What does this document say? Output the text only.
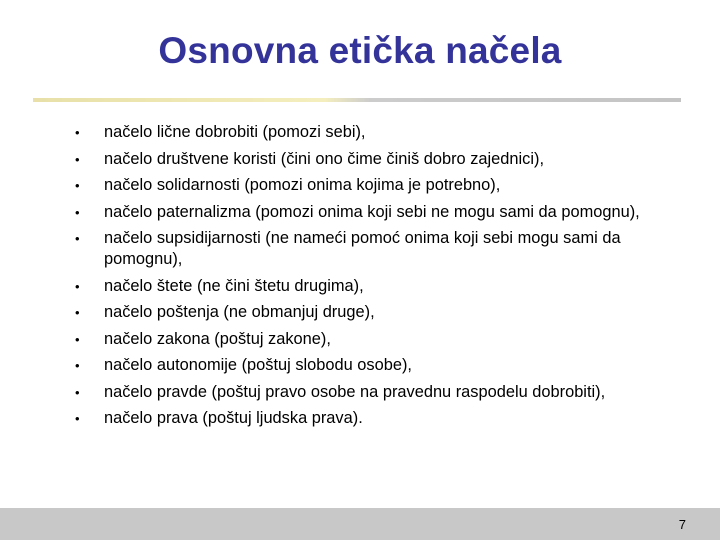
Osnovna etička načela
• načelo lične dobrobiti (pomozi sebi),
• načelo društvene koristi (čini ono čime činiš dobro zajednici),
• načelo solidarnosti (pomozi onima kojima je potrebno),
• načelo paternalizma (pomozi onima koji sebi ne mogu sami da pomognu),
• načelo supsidijarnosti (ne nameći pomoć onima koji sebi mogu sami da pomognu),
• načelo štete (ne čini štetu drugima),
• načelo poštenja (ne obmanjuj druge),
• načelo zakona (poštuj zakone),
• načelo autonomije (poštuj slobodu osobe),
• načelo pravde (poštuj pravo osobe na pravednu raspodelu dobrobiti),
• načelo prava (poštuj ljudska prava).
7
